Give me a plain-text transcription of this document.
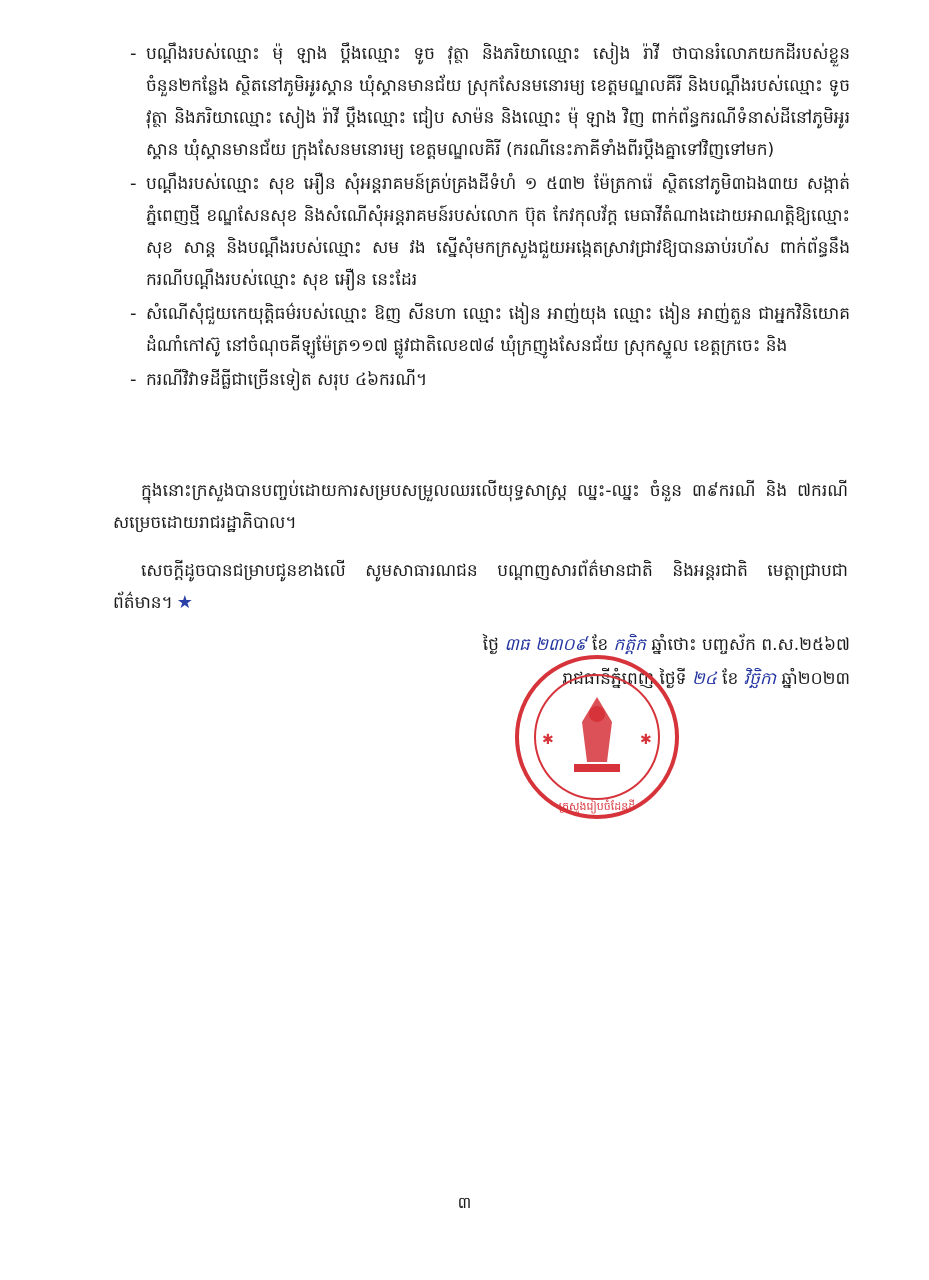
- បណ្តឹងរបស់ឈ្មោះ ម៉ុ ឡាង ប្តឹងឈ្មោះ ទូច វុត្ថា និងភរិយាឈ្មោះ សៀង រ៉ាវី ថាបានរំលោភយកដីរបស់ខ្លួនចំនួន២កន្លែង ស្ថិតនៅភូមិអូរស្គាន ឃុំស្គានមានជ័យ ស្រុកសែនមនោរម្យ ខេត្តមណ្ឌលគីរី និងបណ្តឹងរបស់ឈ្មោះ ទូច វុត្ថា និងភរិយាឈ្មោះ សៀង រ៉ាវី ប្តឹងឈ្មោះ ជៀប សាម៉ន និងឈ្មោះ ម៉ុ ឡាង វិញ ពាក់ព័ន្ធករណីទំនាស់ដីនៅភូមិអូរស្គាន ឃុំស្គានមានជ័យ ក្រុងសែនមនោរម្យ ខេត្តមណ្ឌលគិរី (ករណីនេះភាគីទាំងពីរប្តឹងគ្នាទៅវិញទៅមក)
- បណ្តឹងរបស់ឈ្មោះ សុខ អឿន សុំអន្តរាគមន៍គ្រប់គ្រងដីទំហំ ១ ៥៣២ ម៉ែត្រការ៉េ ស្ថិតនៅភូមិ៣ឯង៣យ សង្កាត់ភ្នំពេញថ្មី ខណ្ឌសែនសុខ និងសំណើសុំអន្តរាគមន៍របស់លោក ប៊ុត កែវកុលវ័ក្ត មេធាវីតំណាងដោយអាណត្តិឱ្យឈ្មោះ សុខ សាន្ត និងបណ្តឹងរបស់ឈ្មោះ សម វង ស្នើសុំមកក្រសួងជួយអង្កេតស្រាវជ្រាវឱ្យបានឆាប់រហ័ស ពាក់ព័ន្ធនឹងករណីបណ្តឹងរបស់ឈ្មោះ សុខ អឿន នេះដែរ
- សំណើសុំជួយកេយុត្តិធម៌របស់ឈ្មោះ ឱញ សីនហា ឈ្មោះ ងៀន អាញ់យុង ឈ្មោះ ងៀន អាញ់តួន ជាអ្នកវិនិយោគដំណាំកៅស៊ូ នៅចំណុចគីឡូម៉ែត្រ១១៧ ផ្លូវជាតិលេខ៧៨ ឃុំក្រញូងសែនជ័យ ស្រុកស្នួល ខេត្តក្រចេះ និង
- ករណីវិវាទដីធ្លីជាច្រើនទៀត សរុប ៤៦ករណី។
ក្នុងនោះក្រសួងបានបញ្ចប់ដោយការសម្របសម្រួលឈរលើយុទ្ធសាស្ត្រ ឈ្នះ-ឈ្នះ ចំនួន ៣៩ករណី និង ៧ករណីសម្រេចដោយរាជរដ្ឋាភិបាល។
សេចក្តីដូចបានជម្រាបជូនខាងលើ សូមសាធារណជន បណ្តាញសារព័ត៌មានជាតិ និងអន្តរជាតិ មេត្តាជ្រាបជាព័ត៌មាន។ ★
ថ្ងៃ ៣ធ ២៣០៩ ខែ កត្តិក ឆ្នាំថោះ បញ្ចស័ក ព.ស.២៥៦៧
រាជធានីភ្នំពេញ ថ្ងៃទី ២៤ ខែ វិច្ឆិកា ឆ្នាំ២០២៣
✱	✱
ក្រសួងរៀបចំដែនដី
៣
